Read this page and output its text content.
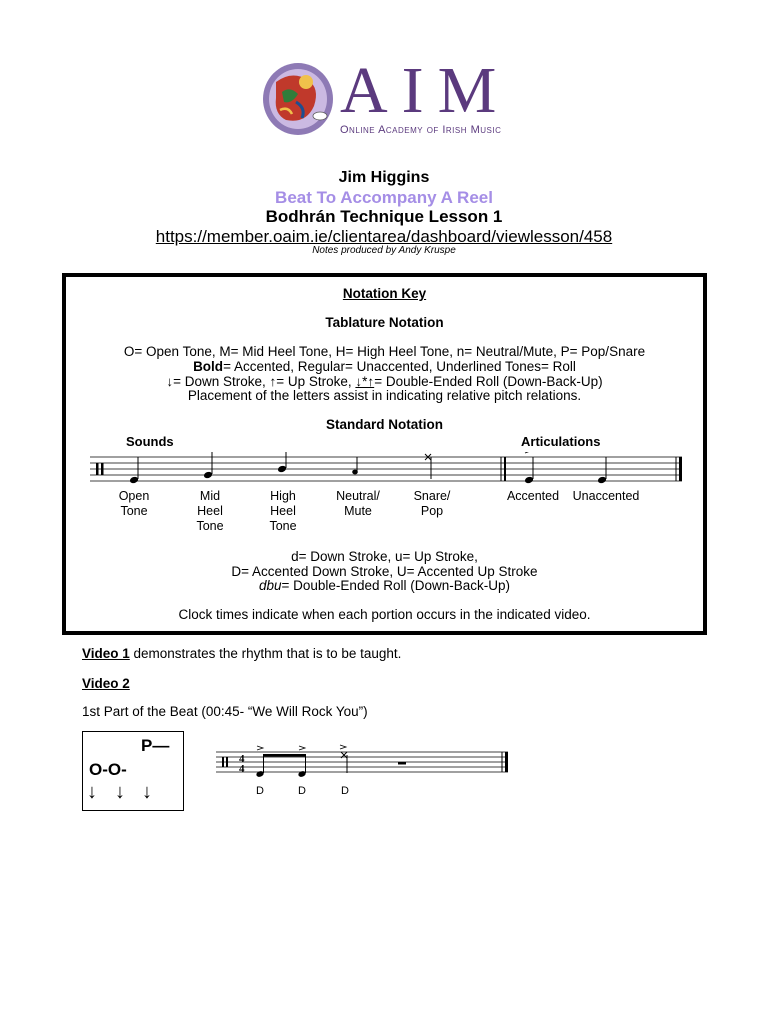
AIM
Online Academy of Irish Music
Jim Higgins
Beat To Accompany A Reel
Bodhrán Technique Lesson 1
https://member.oaim.ie/clientarea/dashboard/viewlesson/458
Notes produced by Andy Kruspe
Notation Key
Tablature Notation
O= Open Tone, M= Mid Heel Tone, H= High Heel Tone, n= Neutral/Mute, P= Pop/Snare
Bold= Accented, Regular= Unaccented, Underlined Tones= Roll
↓= Down Stroke, ↑= Up Stroke, ↓*↑= Double-Ended Roll (Down-Back-Up)
Placement of the letters assist in indicating relative pitch relations.
Standard Notation
Sounds	Articulations
Open
Tone
Mid
Heel
Tone
High
Heel
Tone
Neutral/
Mute
Snare/
Pop
Accented	Unaccented
d= Down Stroke, u= Up Stroke,
D= Accented Down Stroke, U= Accented Up Stroke
dbu= Double-Ended Roll (Down-Back-Up)
Clock times indicate when each portion occurs in the indicated video.
Video 1 demonstrates the rhythm that is to be taught.
Video 2
1st Part of the Beat (00:45- “We Will Rock You”)
P—
O-O-
↓ ↓ ↓
4
4
D	D	D
